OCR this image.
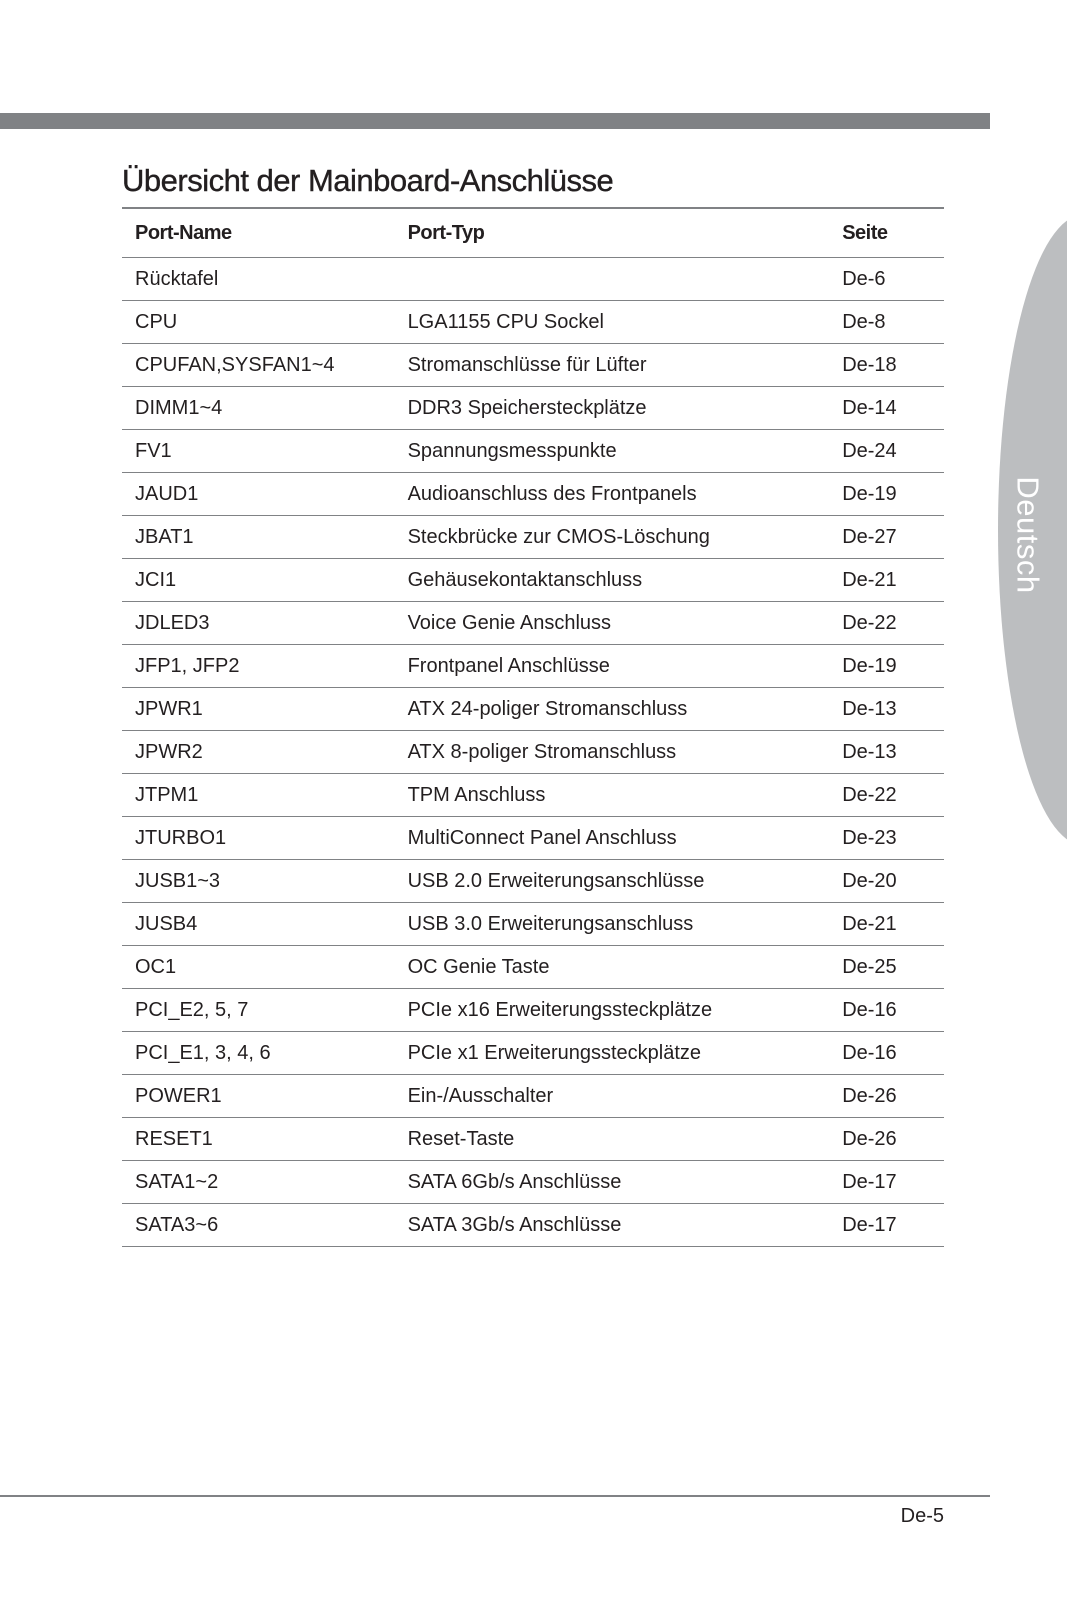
Deutsch
Übersicht der Mainboard-Anschlüsse
Port-Name	Port-Typ	Seite
Rücktafel		De-6
CPU	LGA1155 CPU Sockel	De-8
CPUFAN,SYSFAN1~4	Stromanschlüsse für Lüfter	De-18
DIMM1~4	DDR3 Speichersteckplätze	De-14
FV1	Spannungsmesspunkte	De-24
JAUD1	Audioanschluss des Frontpanels	De-19
JBAT1	Steckbrücke zur CMOS-Löschung	De-27
JCI1	Gehäusekontaktanschluss	De-21
JDLED3	Voice Genie Anschluss	De-22
JFP1, JFP2	Frontpanel Anschlüsse	De-19
JPWR1	ATX 24-poliger Stromanschluss	De-13
JPWR2	ATX 8-poliger Stromanschluss	De-13
JTPM1	TPM Anschluss	De-22
JTURBO1	MultiConnect Panel Anschluss	De-23
JUSB1~3	USB 2.0 Erweiterungsanschlüsse	De-20
JUSB4	USB 3.0 Erweiterungsanschluss	De-21
OC1	OC Genie Taste	De-25
PCI_E2, 5, 7	PCIe x16 Erweiterungssteckplätze	De-16
PCI_E1, 3, 4, 6	PCIe x1 Erweiterungssteckplätze	De-16
POWER1	Ein-/Ausschalter	De-26
RESET1	Reset-Taste	De-26
SATA1~2	SATA 6Gb/s Anschlüsse	De-17
SATA3~6	SATA 3Gb/s Anschlüsse	De-17
De-5
